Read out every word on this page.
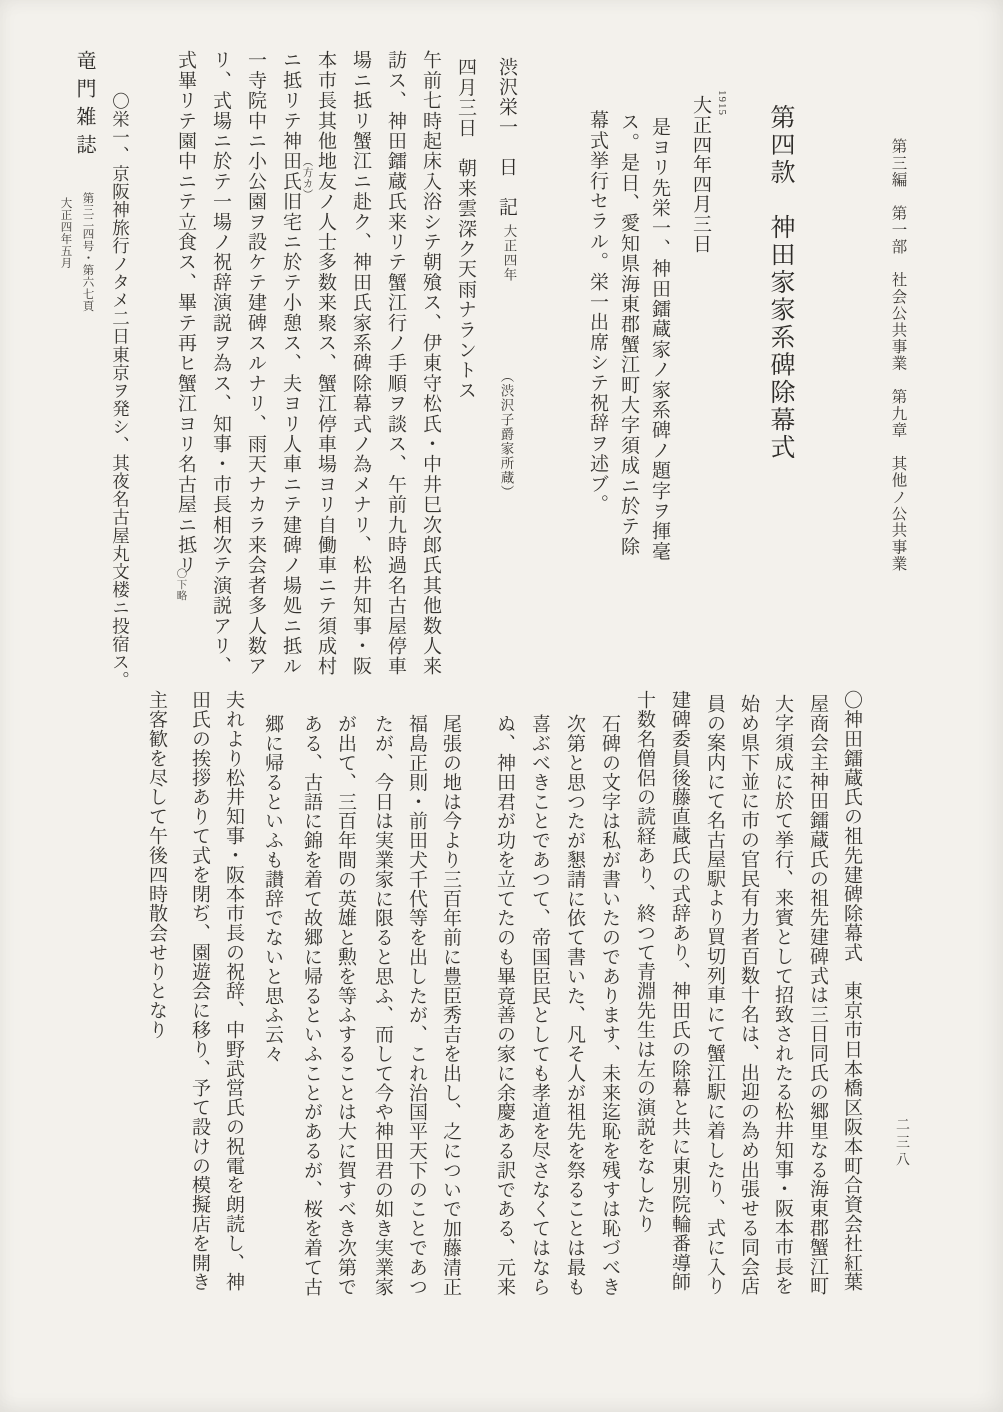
第三編　第一部　社会公共事業　第九章　其他ノ公共事業
第四款　神田家家系碑除幕式
1915
大正四年四月三日
是ヨリ先栄一、神田鐳蔵家ノ家系碑ノ題字ヲ揮毫
ス。是日、愛知県海東郡蟹江町大字須成ニ於テ除
幕式挙行セラル。栄一出席シテ祝辞ヲ述ブ。
渋沢栄一　日　記
大正四年
（渋沢子爵家所蔵）
四月三日　朝来雲深ク天雨ナラントス
午前七時起床入浴シテ朝飱ス、伊東守松氏・中井巳次郎氏其他数人来
訪ス、神田鐳蔵氏来リテ蟹江行ノ手順ヲ談ス、午前九時過名古屋停車
場ニ抵リ蟹江ニ赴ク、神田氏家系碑除幕式ノ為メナリ、松井知事・阪
本市長其他地友ノ人士多数来聚ス、蟹江停車場ヨリ自働車ニテ須成村
（方カ）
ニ抵リテ神田氏旧宅ニ於テ小憩ス、夫ヨリ人車ニテ建碑ノ場処ニ抵ル
一寺院中ニ小公園ヲ設ケテ建碑スルナリ、雨天ナカラ来会者多人数ア
リ、式場ニ於テ一場ノ祝辞演説ヲ為ス、知事・市長相次テ演説アリ、
式畢リテ園中ニテ立食ス、畢テ再ヒ蟹江ヨリ名古屋ニ抵リ
〇下略
〇栄一、京阪神旅行ノタメ二日東京ヲ発シ、其夜名古屋丸文楼ニ投宿ス。
竜門雑誌
第三二四号・第六七頁
大正四年五月
〇神田鐳蔵氏の祖先建碑除幕式　東京市日本橋区阪本町合資会社紅葉
屋商会主神田鐳蔵氏の祖先建碑式は三日同氏の郷里なる海東郡蟹江町
大字須成に於て挙行、来賓として招致されたる松井知事・阪本市長を
始め県下並に市の官民有力者百数十名は、出迎の為め出張せる同会店
員の案内にて名古屋駅より買切列車にて蟹江駅に着したり、式に入り
建碑委員後藤直蔵氏の式辞あり、神田氏の除幕と共に東別院輪番導師
十数名僧侶の読経あり、終つて青淵先生は左の演説をなしたり
石碑の文字は私が書いたのであります、未来迄恥を残すは恥づべき
次第と思つたが懇請に依て書いた、凡そ人が祖先を祭ることは最も
喜ぶべきことであつて、帝国臣民としても孝道を尽さなくてはなら
ぬ、神田君が功を立てたのも畢竟善の家に余慶ある訳である、元来
尾張の地は今より三百年前に豊臣秀吉を出し、之についで加藤清正
福島正則・前田犬千代等を出したが、これ治国平天下のことであつ
たが、今日は実業家に限ると思ふ、而して今や神田君の如き実業家
が出て、三百年間の英雄と勲を等ふすることは大に賀すべき次第で
ある、古語に錦を着て故郷に帰るといふことがあるが、桜を着て古
郷に帰るといふも讃辞でないと思ふ云々
夫れより松井知事・阪本市長の祝辞、中野武営氏の祝電を朗読し、神
田氏の挨拶ありて式を閉ぢ、園遊会に移り、予て設けの模擬店を開き
主客歓を尽して午後四時散会せりとなり
二三八
